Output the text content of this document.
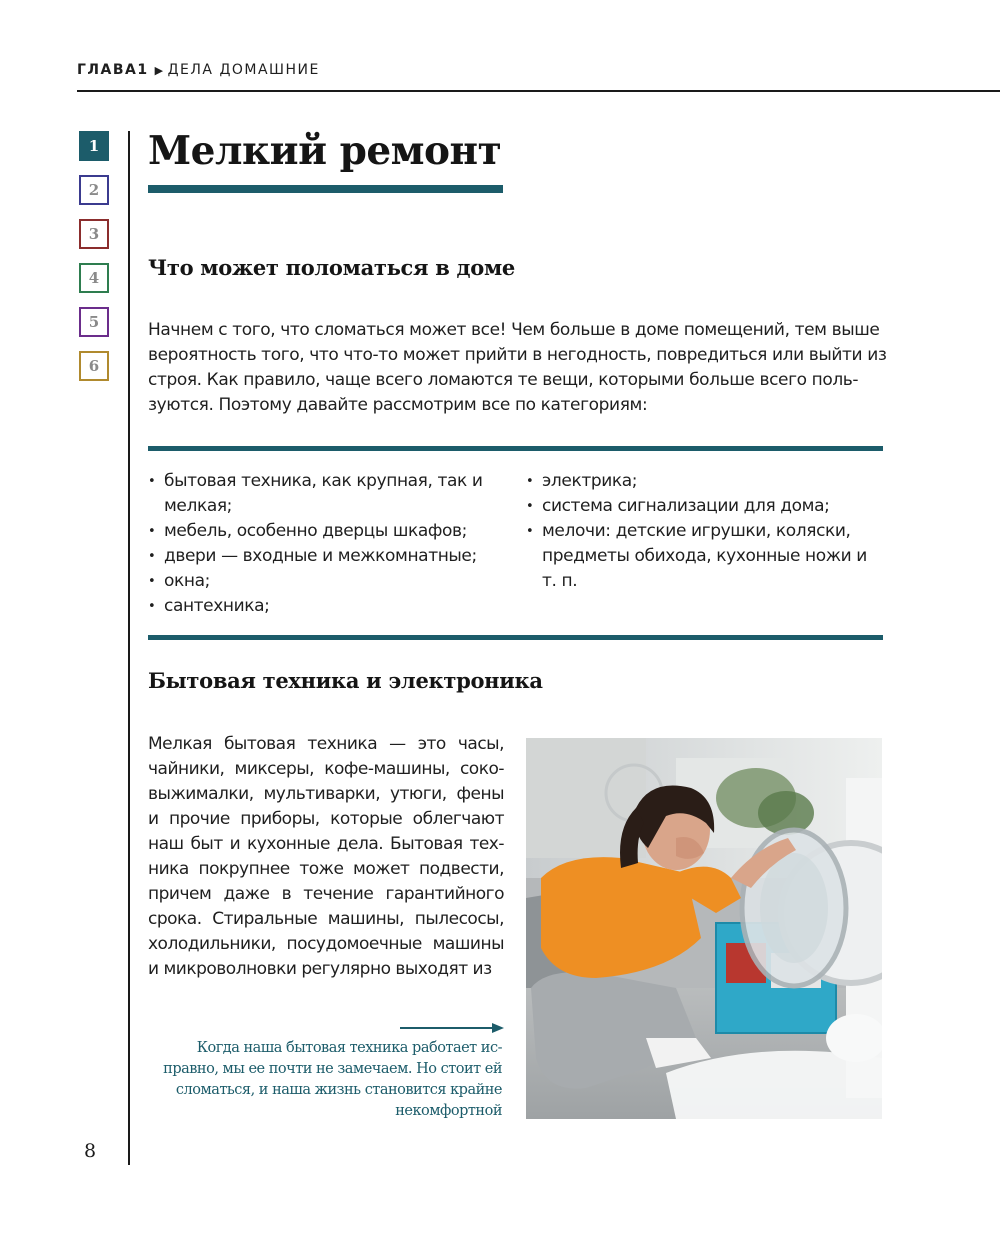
ГЛАВА1 ▶ ДЕЛА ДОМАШНИЕ
1
2
3
4
5
6
Мелкий ремонт
Что может поломаться в доме

Начнем с того, что сломаться может все! Чем больше в доме помещений, тем выше вероятность того, что что-то может прийти в негодность, повредиться или выйти из строя. Как правило, чаще всего ломаются те вещи, которыми больше всего поль-зуются. Поэтому давайте рассмотрим все по категориям:

• бытовая техника, как крупная, так и мелкая;
• мебель, особенно дверцы шкафов;
• двери — входные и межкомнатные;
• окна;
• сантехника;
• электрика;
• система сигнализации для дома;
• мелочи: детские игрушки, коляски, предметы обихода, кухонные ножи и т. п.
Бытовая техника и электроника

Мелкая бытовая техника — это часы, чайники, миксеры, кофе-машины, соко-выжималки, мультиварки, утюги, фены и прочие приборы, которые облегчают наш быт и кухонные дела. Бытовая тех-ника покрупнее тоже может подвести, причем даже в течение гарантийного срока. Стиральные машины, пылесосы, холодильники, посудомоечные машины и микроволновки регулярно выходят из

Когда наша бытовая техника работает ис-правно, мы ее почти не замечаем. Но стоит ей сломаться, и наша жизнь становится крайне некомфортной

8
